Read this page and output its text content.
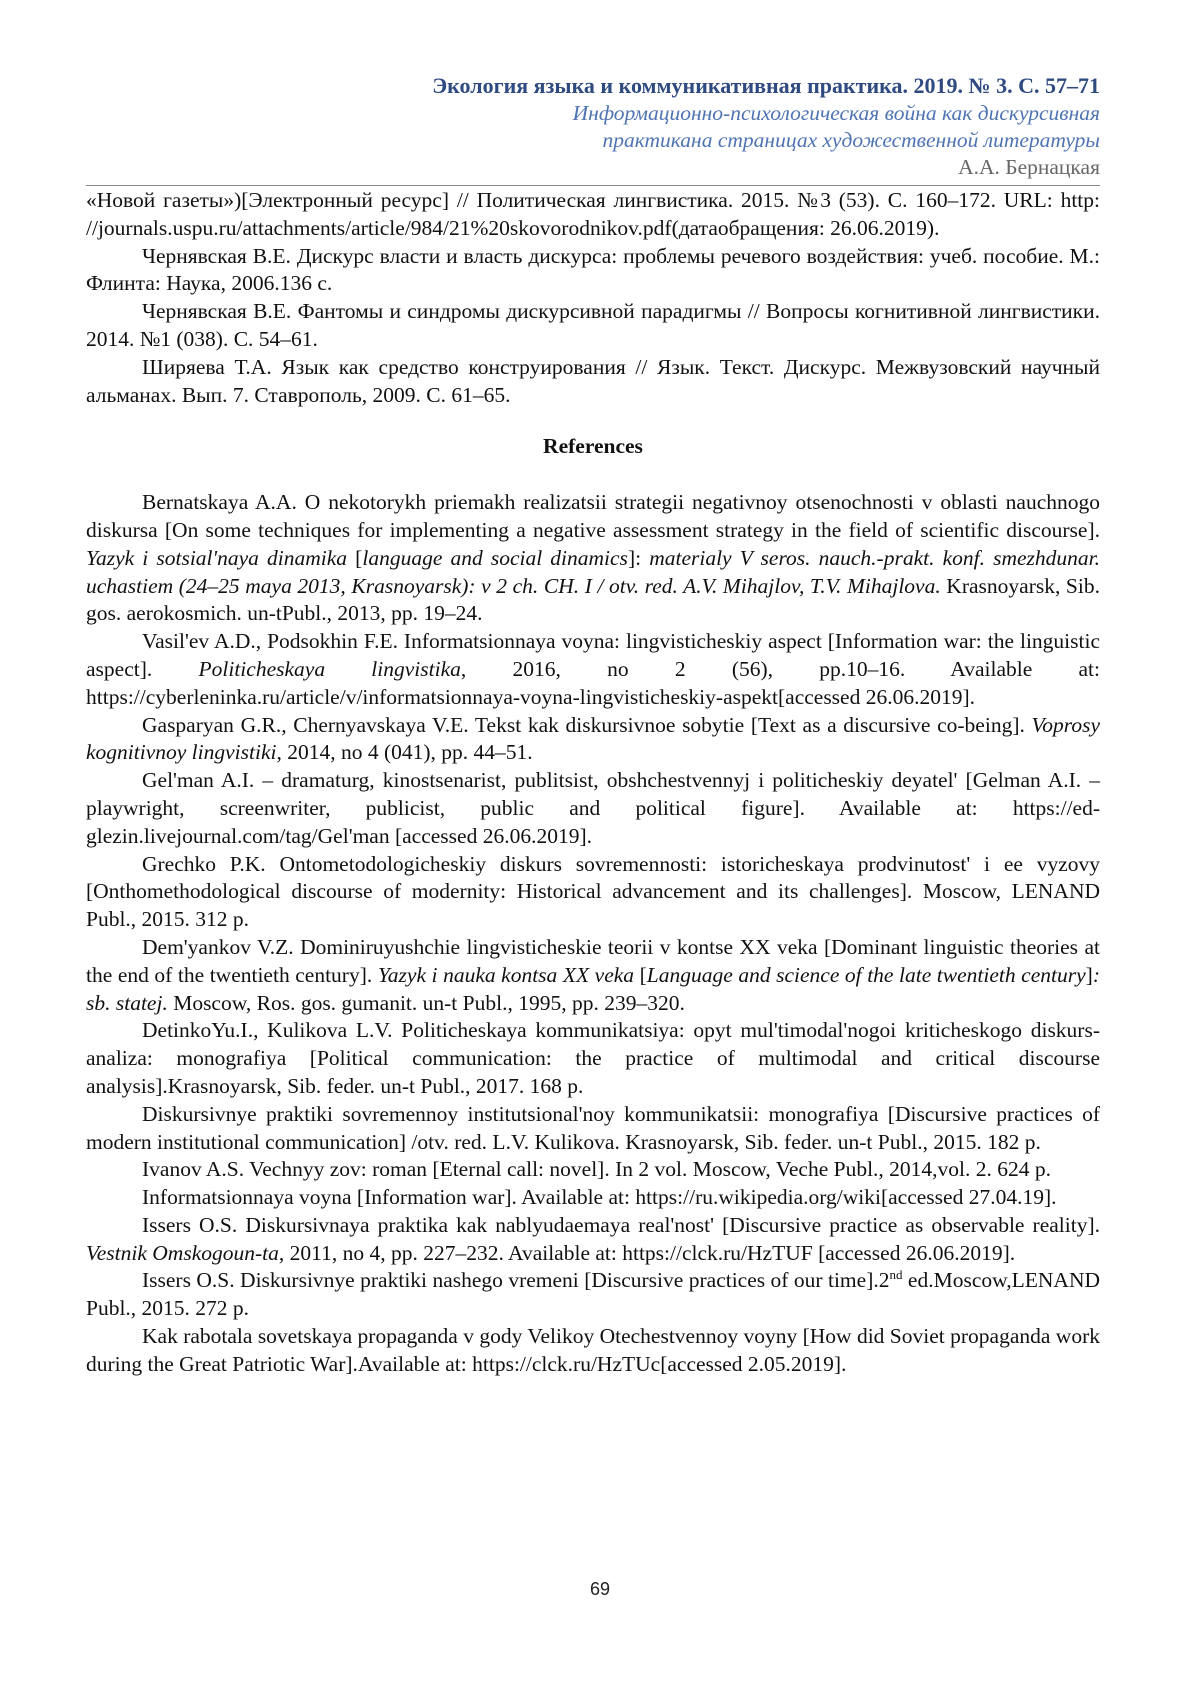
Экология языка и коммуникативная практика. 2019. № 3. С. 57–71
Информационно-психологическая война как дискурсивная
практикана страницах художественной литературы
А.А. Бернацкая

«Новой газеты»)[Электронный ресурс] // Политическая лингвистика. 2015. №3 (53). С. 160–172. URL: http: //journals.uspu.ru/attachments/article/984/21%20skovorodnikov.pdf(датаобращения: 26.06.2019).

Чернявская В.Е. Дискурс власти и власть дискурса: проблемы речевого воздействия: учеб. пособие. М.: Флинта: Наука, 2006.136 с.

Чернявская В.Е. Фантомы и синдромы дискурсивной парадигмы // Вопросы когнитивной лингвистики. 2014. №1 (038). С. 54–61.

Ширяева Т.А. Язык как средство конструирования // Язык. Текст. Дискурс. Межвузовский научный альманах. Вып. 7. Ставрополь, 2009. С. 61–65.

References

Bernatskaya A.A. O nekotorykh priemakh realizatsii strategii negativnoy otsenochnosti v oblasti nauchnogo diskursa [On some techniques for implementing a negative assessment strategy in the field of scientific discourse]. Yazyk i sotsial'naya dinamika [language and social dinamics]: materialy V seros. nauch.-prakt. konf. smezhdunar. uchastiem (24–25 maya 2013, Krasnoyarsk): v 2 ch. CH. I / otv. red. A.V. Mihajlov, T.V. Mihajlova. Krasnoyarsk, Sib. gos. aerokosmich. un-tPubl., 2013, pp. 19–24.

Vasil'ev A.D., Podsokhin F.E. Informatsionnaya voyna: lingvisticheskiy aspect [Information war: the linguistic aspect]. Politicheskaya lingvistika, 2016, no 2 (56), pp.10–16. Available at: https://cyberleninka.ru/article/v/informatsionnaya-voyna-lingvisticheskiy-aspekt[accessed 26.06.2019].

Gasparyan G.R., Chernyavskaya V.E. Tekst kak diskursivnoe sobytie [Text as a discursive co-being]. Voprosy kognitivnoy lingvistiki, 2014, no 4 (041), pp. 44–51.

Gel'man A.I. – dramaturg, kinostsenarist, publitsist, obshchestvennyj i politicheskiy deyatel' [Gelman A.I. – playwright, screenwriter, publicist, public and political figure]. Available at: https://ed-glezin.livejournal.com/tag/Gel'man [accessed 26.06.2019].

Grechko P.K. Ontometodologicheskiy diskurs sovremennosti: istoricheskaya prodvinutost' i ee vyzovy [Onthomethodological discourse of modernity: Historical advancement and its challenges]. Moscow, LENAND Publ., 2015. 312 p.

Dem'yankov V.Z. Dominiruyushchie lingvisticheskie teorii v kontse XX veka [Dominant linguistic theories at the end of the twentieth century]. Yazyk i nauka kontsa XX veka [Language and science of the late twentieth century]: sb. statej. Moscow, Ros. gos. gumanit. un-t Publ., 1995, pp. 239–320.

DetinkoYu.I., Kulikova L.V. Politicheskaya kommunikatsiya: opyt mul'timodal'nogoi kriticheskogo diskurs-analiza: monografiya [Political communication: the practice of multimodal and critical discourse analysis].Krasnoyarsk, Sib. feder. un-t Publ., 2017. 168 p.

Diskursivnye praktiki sovremennoy institutsional'noy kommunikatsii: monografiya [Discursive practices of modern institutional communication] /otv. red. L.V. Kulikova. Krasnoyarsk, Sib. feder. un-t Publ., 2015. 182 p.

Ivanov A.S. Vechnyy zov: roman [Eternal call: novel]. In 2 vol. Moscow, Veche Publ., 2014,vol. 2. 624 p.

Informatsionnaya voyna [Information war]. Available at: https://ru.wikipedia.org/wiki[accessed 27.04.19].

Issers O.S. Diskursivnaya praktika kak nablyudaemaya real'nost' [Discursive practice as observable reality]. Vestnik Omskogoun-ta, 2011, no 4, pp. 227–232. Available at: https://clck.ru/HzTUF [accessed 26.06.2019].

Issers O.S. Diskursivnye praktiki nashego vremeni [Discursive practices of our time].2nd ed.Moscow,LENAND Publ., 2015. 272 p.

Kak rabotala sovetskaya propaganda v gody Velikoy Otechestvennoy voyny [How did Soviet propaganda work during the Great Patriotic War].Available at: https://clck.ru/HzTUc[accessed 2.05.2019].

69
